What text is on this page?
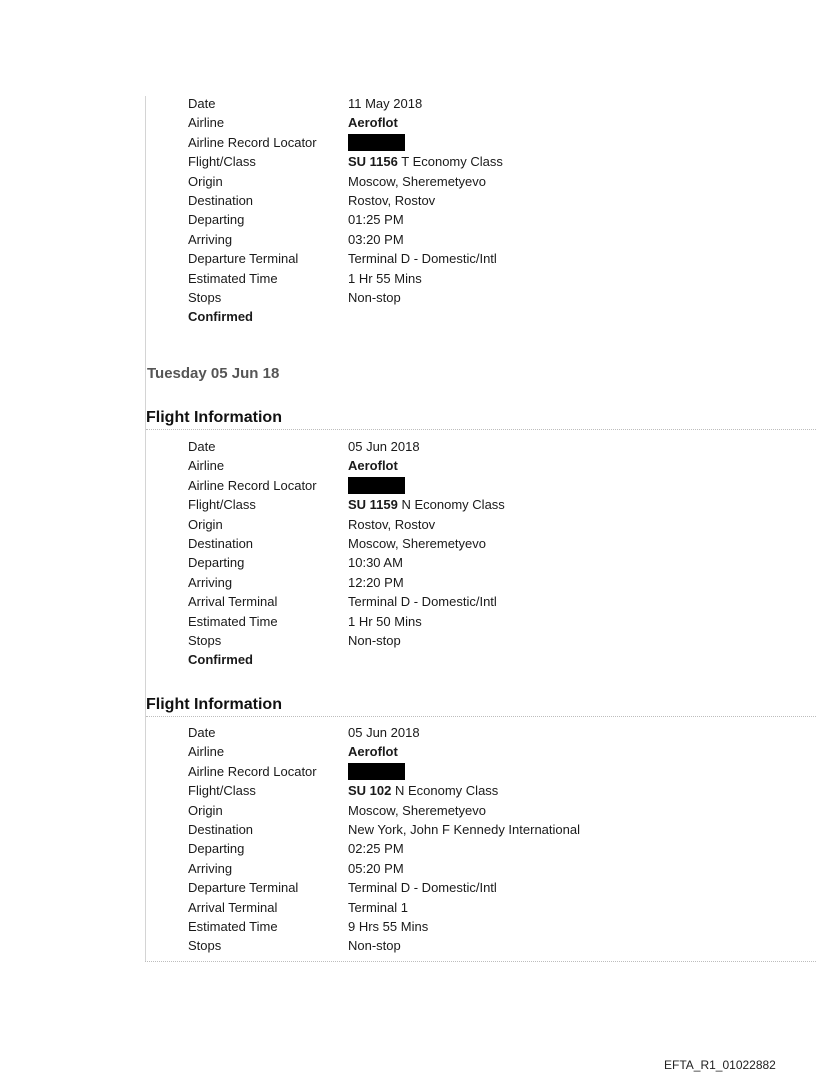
Date	11 May 2018
Airline	Aeroflot
Airline Record Locator
Flight/Class	SU 1156 T Economy Class
Origin	Moscow, Sheremetyevo
Destination	Rostov, Rostov
Departing	01:25 PM
Arriving	03:20 PM
Departure Terminal	Terminal D - Domestic/Intl
Estimated Time	1 Hr 55 Mins
Stops	Non-stop
Confirmed
Tuesday 05 Jun 18
Flight Information
Date	05 Jun 2018
Airline	Aeroflot
Airline Record Locator
Flight/Class	SU 1159 N Economy Class
Origin	Rostov, Rostov
Destination	Moscow, Sheremetyevo
Departing	10:30 AM
Arriving	12:20 PM
Arrival Terminal	Terminal D - Domestic/Intl
Estimated Time	1 Hr 50 Mins
Stops	Non-stop
Confirmed
Flight Information
Date	05 Jun 2018
Airline	Aeroflot
Airline Record Locator
Flight/Class	SU 102 N Economy Class
Origin	Moscow, Sheremetyevo
Destination	New York, John F Kennedy International
Departing	02:25 PM
Arriving	05:20 PM
Departure Terminal	Terminal D - Domestic/Intl
Arrival Terminal	Terminal 1
Estimated Time	9 Hrs 55 Mins
Stops	Non-stop
EFTA_R1_01022882
